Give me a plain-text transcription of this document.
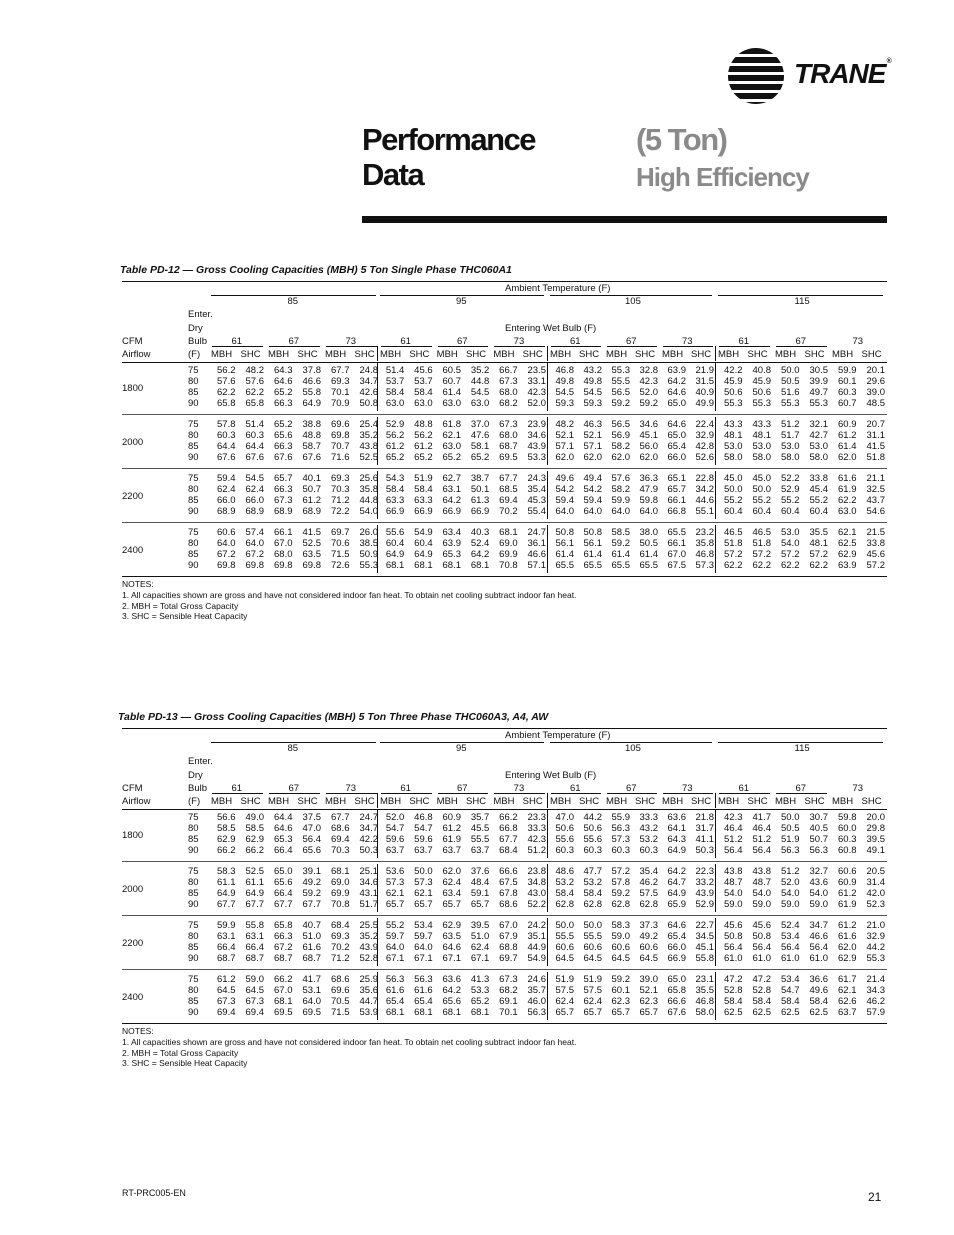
TRANE®
Performance
Data
(5 Ton)
High Efficiency
Table PD-12 — Gross Cooling Capacities (MBH) 5 Ton Single Phase THC060A1
Ambient Temperature (F)
85	95	105	115
Enter.
Dry
Bulb
(F)
CFM
Airflow
Entering Wet Bulb (F)
61
MBH SHC
67
MBH SHC
73
MBH SHC
61
MBH SHC
67
MBH SHC
73
MBH SHC
61
MBH SHC
67
MBH SHC
73
MBH SHC
61
MBH SHC
67
MBH SHC
73
MBH SHC
1800
75	56.2	48.2	64.3	37.8	67.7	24.8 51.4	45.6	60.5	35.2	66.7	23.5	46.8	43.2	55.3	32.8	63.9	21.9	42.2	40.8	50.0	30.5	59.9	20.1
80	57.6	57.6	64.6	46.6	69.3	34.7 53.7	53.7	60.7	44.8	67.3	33.1	49.8	49.8	55.5	42.3	64.2	31.5	45.9	45.9	50.5	39.9	60.1	29.6
85	62.2	62.2	65.2	55.8	70.1	42.6 58.4	58.4	61.4	54.5	68.0	42.3	54.5	54.5	56.5	52.0	64.6	40.9	50.6	50.6	51.6	49.7	60.3	39.0
90	65.8	65.8	66.3	64.9	70.9	50.8 63.0	63.0	63.0	63.0	68.2	52.0	59.3	59.3	59.2	59.2	65.0	49.9	55.3	55.3	55.3	55.3	60.7	48.5
2000
75	57.8	51.4	65.2	38.8	69.6	25.4 52.9	48.8	61.8	37.0	67.3	23.9	48.2	46.3	56.5	34.6	64.6	22.4	43.3	43.3	51.2	32.1	60.9	20.7
80	60.3	60.3	65.6	48.8	69.8	35.2 56.2	56.2	62.1	47.6	68.0	34.6	52.1	52.1	56.9	45.1	65.0	32.9	48.1	48.1	51.7	42.7	61.2	31.1
85	64.4	64.4	66.3	58.7	70.7	43.8 61.2	61.2	63.0	58.1	68.7	43.9	57.1	57.1	58.2	56.0	65.4	42.8	53.0	53.0	53.0	53.0	61.4	41.5
90	67.6	67.6	67.6	67.6	71.6	52.5 65.2	65.2	65.2	65.2	69.5	53.3	62.0	62.0	62.0	62.0	66.0	52.6	58.0	58.0	58.0	58.0	62.0	51.8
2200
75	59.4	54.5	65.7	40.1	69.3	25.6 54.3	51.9	62.7	38.7	67.7	24.3	49.6	49.4	57.6	36.3	65.1	22.8	45.0	45.0	52.2	33.8	61.6	21.1
80	62.4	62.4	66.3	50.7	70.3	35.8 58.4	58.4	63.1	50.1	68.5	35.4	54.2	54.2	58.2	47.9	65.7	34.2	50.0	50.0	52.9	45.4	61.9	32.5
85	66.0	66.0	67.3	61.2	71.2	44.8 63.3	63.3	64.2	61.3	69.4	45.3	59.4	59.4	59.9	59.8	66.1	44.6	55.2	55.2	55.2	55.2	62.2	43.7
90	68.9	68.9	68.9	68.9	72.2	54.0 66.9	66.9	66.9	66.9	70.2	55.4	64.0	64.0	64.0	64.0	66.8	55.1	60.4	60.4	60.4	60.4	63.0	54.6
2400
75	60.6	57.4	66.1	41.5	69.7	26.0 55.6	54.9	63.4	40.3	68.1	24.7	50.8	50.8	58.5	38.0	65.5	23.2	46.5	46.5	53.0	35.5	62.1	21.5
80	64.0	64.0	67.0	52.5	70.6	38.5 60.4	60.4	63.9	52.4	69.0	36.1	56.1	56.1	59.2	50.5	66.1	35.8	51.8	51.8	54.0	48.1	62.5	33.8
85	67.2	67.2	68.0	63.5	71.5	50.9 64.9	64.9	65.3	64.2	69.9	46.6	61.4	61.4	61.4	61.4	67.0	46.8	57.2	57.2	57.2	57.2	62.9	45.6
90	69.8	69.8	69.8	69.8	72.6	55.3 68.1	68.1	68.1	68.1	70.8	57.1	65.5	65.5	65.5	65.5	67.5	57.3	62.2	62.2	62.2	62.2	63.9	57.2
NOTES:
1. All capacities shown are gross and have not considered indoor fan heat. To obtain net cooling subtract indoor fan heat.
2. MBH = Total Gross Capacity
3. SHC = Sensible Heat Capacity
Table PD-13 — Gross Cooling Capacities (MBH) 5 Ton Three Phase THC060A3, A4, AW
Ambient Temperature (F)
85	95	105	115
Enter.
Dry
Bulb
(F)
CFM
Airflow
Entering Wet Bulb (F)
61
MBH SHC
67
MBH SHC
73
MBH SHC
61
MBH SHC
67
MBH SHC
73
MBH SHC
61
MBH SHC
67
MBH SHC
73
MBH SHC
61
MBH SHC
67
MBH SHC
73
MBH SHC
1800
75	56.6	49.0	64.4	37.5	67.7	24.7 52.0	46.8	60.9	35.7	66.2	23.3	47.0	44.2	55.9	33.3	63.6	21.8	42.3	41.7	50.0	30.7	59.8	20.0
80	58.5	58.5	64.6	47.0	68.6	34.7 54.7	54.7	61.2	45.5	66.8	33.3	50.6	50.6	56.3	43.2	64.1	31.7	46.4	46.4	50.5	40.5	60.0	29.8
85	62.9	62.9	65.3	56.4	69.4	42.2 59.6	59.6	61.9	55.5	67.7	42.3	55.6	55.6	57.3	53.2	64.3	41.1	51.2	51.2	51.9	50.7	60.3	39.5
90	66.2	66.2	66.4	65.6	70.3	50.3 63.7	63.7	63.7	63.7	68.4	51.2	60.3	60.3	60.3	60.3	64.9	50.3	56.4	56.4	56.3	56.3	60.8	49.1
2000
75	58.3	52.5	65.0	39.1	68.1	25.1 53.6	50.0	62.0	37.6	66.6	23.8	48.6	47.7	57.2	35.4	64.2	22.3	43.8	43.8	51.2	32.7	60.6	20.5
80	61.1	61.1	65.6	49.2	69.0	34.6 57.3	57.3	62.4	48.4	67.5	34.8	53.2	53.2	57.8	46.2	64.7	33.2	48.7	48.7	52.0	43.6	60.9	31.4
85	64.9	64.9	66.4	59.2	69.9	43.1 62.1	62.1	63.4	59.1	67.8	43.0	58.4	58.4	59.2	57.5	64.9	43.9	54.0	54.0	54.0	54.0	61.2	42.0
90	67.7	67.7	67.7	67.7	70.8	51.7 65.7	65.7	65.7	65.7	68.6	52.2	62.8	62.8	62.8	62.8	65.9	52.9	59.0	59.0	59.0	59.0	61.9	52.3
2200
75	59.9	55.8	65.8	40.7	68.4	25.5 55.2	53.4	62.9	39.5	67.0	24.2	50.0	50.0	58.3	37.3	64.6	22.7	45.6	45.6	52.4	34.7	61.2	21.0
80	63.1	63.1	66.3	51.0	69.3	35.2 59.7	59.7	63.5	51.0	67.9	35.1	55.5	55.5	59.0	49.2	65.4	34.5	50.8	50.8	53.4	46.6	61.6	32.9
85	66.4	66.4	67.2	61.6	70.2	43.9 64.0	64.0	64.6	62.4	68.8	44.9	60.6	60.6	60.6	60.6	66.0	45.1	56.4	56.4	56.4	56.4	62.0	44.2
90	68.7	68.7	68.7	68.7	71.2	52.8 67.1	67.1	67.1	67.1	69.7	54.9	64.5	64.5	64.5	64.5	66.9	55.8	61.0	61.0	61.0	61.0	62.9	55.3
2400
75	61.2	59.0	66.2	41.7	68.6	25.9 56.3	56.3	63.6	41.3	67.3	24.6	51.9	51.9	59.2	39.0	65.0	23.1	47.2	47.2	53.4	36.6	61.7	21.4
80	64.5	64.5	67.0	53.1	69.6	35.6 61.6	61.6	64.2	53.3	68.2	35.7	57.5	57.5	60.1	52.1	65.8	35.5	52.8	52.8	54.7	49.6	62.1	34.3
85	67.3	67.3	68.1	64.0	70.5	44.7 65.4	65.4	65.6	65.2	69.1	46.0	62.4	62.4	62.3	62.3	66.6	46.8	58.4	58.4	58.4	58.4	62.6	46.2
90	69.4	69.4	69.5	69.5	71.5	53.9 68.1	68.1	68.1	68.1	70.1	56.3	65.7	65.7	65.7	65.7	67.6	58.0	62.5	62.5	62.5	62.5	63.7	57.9
NOTES:
1. All capacities shown are gross and have not considered indoor fan heat. To obtain net cooling subtract indoor fan heat.
2. MBH = Total Gross Capacity
3. SHC = Sensible Heat Capacity
RT-PRC005-EN	21
